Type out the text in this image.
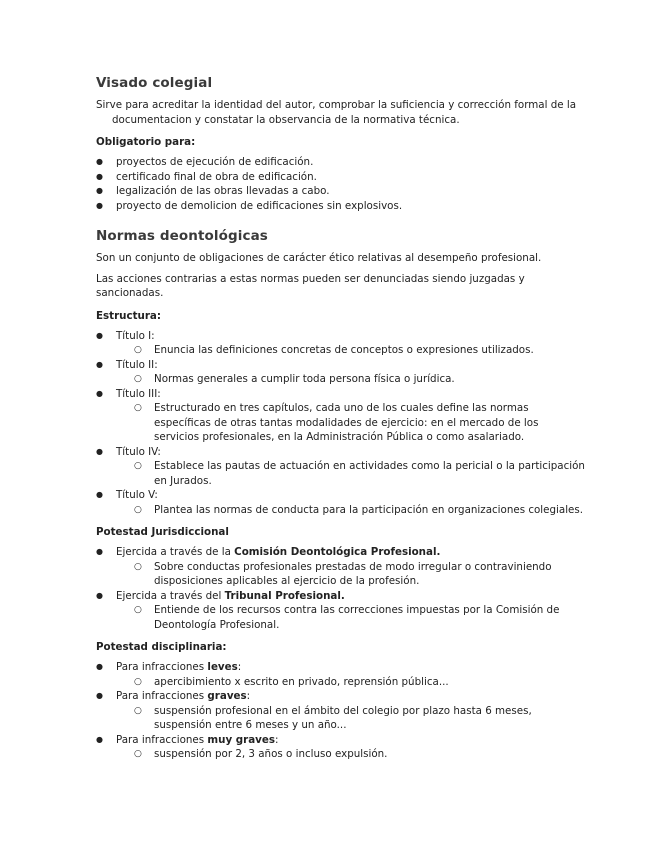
Visado colegial

Sirve para acreditar la identidad del autor, comprobar la suficiencia y corrección formal de la documentacion y constatar la observancia de la normativa técnica.

Obligatorio para:
● proyectos de ejecución de edificación.
● certificado final de obra de edificación.
● legalización de las obras llevadas a cabo.
● proyecto de demolicion de edificaciones sin explosivos.
Normas deontológicas

Son un conjunto de obligaciones de carácter ético relativas al desempeño profesional.

Las acciones contrarias a estas normas pueden ser denunciadas siendo juzgadas y sancionadas.

Estructura:
● Título I:
○ Enuncia las definiciones concretas de conceptos o expresiones utilizados.
● Título II:
○ Normas generales a cumplir toda persona física o jurídica.
● Título III:
○ Estructurado en tres capítulos, cada uno de los cuales define las normas específicas de otras tantas modalidades de ejercicio: en el mercado de los servicios profesionales, en la Administración Pública o como asalariado.
● Título IV:
○ Establece las pautas de actuación en actividades como la pericial o la participación en Jurados.
● Título V:
○ Plantea las normas de conducta para la participación en organizaciones colegiales.
Potestad Jurisdiccional
● Ejercida a través de la Comisión Deontológica Profesional.
○ Sobre conductas profesionales prestadas de modo irregular o contraviniendo disposiciones aplicables al ejercicio de la profesión.
● Ejercida a través del Tribunal Profesional.
○ Entiende de los recursos contra las correcciones impuestas por la Comisión de Deontología Profesional.
Potestad disciplinaria:
● Para infracciones leves:
○ apercibimiento x escrito en privado, reprensión pública...
● Para infracciones graves:
○ suspensión profesional en el ámbito del colegio por plazo hasta 6 meses, suspensión entre 6 meses y un año...
● Para infracciones muy graves:
○ suspensión por 2, 3 años o incluso expulsión.
